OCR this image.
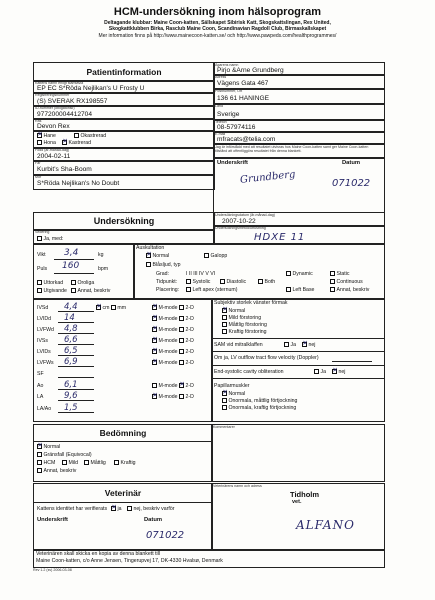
HCM-undersökning inom hälsoprogram
Deltagande klubbar: Maine Coon-katten, Sällskapet Sibirisk Katt, Skogskattslingan, Rex United,
Skogkattklubben Birka, Rasclub Maine Coon, Scandinavian Ragdoll Club, Birmaskallskapet
Mer information finns på http://www.mainecoon-katten.se/ och http://www.pawpeds.com/healthprogrammes/
Patientinformation
Kattens namn enligt stamtavla
EP EC S*Röda Nejlikan's U Frosty U
Registreringsnummer
(S) SVERAK RX198557
ID-nummer (obligatorisk)
977200004412704
Ras
Devon Rex
✕Hane	Okastrerad
Hona ✕	Kastrerad
Född (år-månad-dag)
2004-02-11
Far
Kurbit's Sha-Boom
Mor
S*Röda Nejlikan's No Doubt
Ägarens namn
Pirjo &Arne Grundberg
Adress
Vägens Gata 467
Postnummer, Ort
136 61 HANINGE
Land
Sverige
Telefon
08-57974116
E-mail
mfracats@telia.com
Jag är införstådd med att resultatet utvisras hos Maine Coon-katten samt ger Maine Coon-katten tillstånd att offentliggöra resultatet från denna blankett.
Underskrift	Datum
Grundberg	071022
Undersökning
Undersökningsdatum (år-månad-dag)
2007-10-22
Sedering
Ja, med:
Undersökningsmetod/utrustning
HDXE 11
Vikt 3,4	kg
Puls 160	bpm
Uttorkad	Oroliga
Utgivande	Annat, beskriv
Auskultation
✕Normal	Galopp
Blåsljud, typ
Grad:	I II III IV V VI
Tidpunkt:	Systolic	Diastolic	Both
Dynamic	Static
Continuous
Placering:	Left apex (sternum)	Left Base	Annat, beskriv
IVSd 4,4 ✕	cm mm ✕	M-mode 2-D
LVIDd 14 ✕	M-mode 2-D
LVFWd 4,8 ✕	M-mode 2-D
IVSs 6,6 ✕	M-mode 2-D
LVIDs 6,5 ✕	M-mode 2-D
LVFWs 6,9 ✕	M-mode 2-D
SF
Ao 6,1	M-mode ✕ 2-D
LA 9,6 ✕	M-mode 2-D
LA/Ao 1,5
Subjektiv storlek vänster förmak
✕Normal
Mild förstoring
Måttlig förstoring
Kraftig förstoring
SAM vid mitralklaffen	Ja ✕	nej
Om ja, LV outflow tract flow velocity (Doppler)
End-systolic cavity obliteration	Ja ✕	nej
Papillarmuskler
✕Normal
Onormala, måttlig förtjockning
Onormala, kraftig förtjockning
Bedömning
✕Normal
Gränsfall (Equivocal)
HCM	Mild	Måttlig	Kraftig
Annat, beskriv
Kommentarer
Veterinär
Kattens identitet har verifierats ✕	ja	nej, beskriv varför
Underskrift	Datum
071022
Veterinärens namn och adress
Tidholm
vet.
ALFANO
Veterinären skall skicka en kopia av denna blankett till
Maine Coon-katten, c/o Anne Jensen, Tingerupvej 17, DK-4330 Hvalsø, Denmark
Rev 1.2 (sv) 2006-03-08
